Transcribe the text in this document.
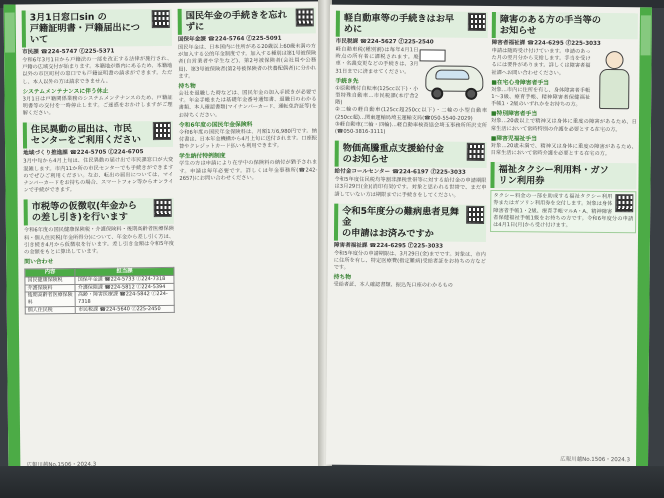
3月1日窓口sin の
戸籍証明書・戸籍届出について
市民課 ☎224-5747 ⓕ225-5371
令和6年3月1日から戸籍法の一部を改正する法律が施行され、戸籍の広域交付が始まります。本籍地が県内にあるため、本籍地以外の市区町村の窓口でも戸籍証明書の請求ができます。ただし、本人以外の方は請求できません。
システムメンテナンスに伴う休止
3月1日は戸籍関係業務のシステムメンテナンスのため、戸籍証明書等の交付を一時停止します。ご迷惑をおかけしますがご理解ください。
住民異動の届出は、市民
センターをご利用ください
地域づくり推進課 ☎224-5705 ⓕ224-6705
3月中旬から4月上旬は、住民異動の届け出で市民課窓口が大変混雑します。市内11か所の市民センターでも手続きができますのでぜひご利用ください。なお、転出の届出については、マイナンバーカードをお持ちの場合、スマートフォン等からオンラインで手続ができます。
市税等の仮徴収(年金から
の差し引き)を行います
令和6年度の国民健康保険税・介護保険料・後期高齢者医療保険料・個人住民税(年金所得分)について、年金から差し引く方は、引き続き4月から仮徴収を行います。差し引き金額は令和5年度の金額をもとに算出しています。
問い合わせ
内容	担当課
国民健康保険税	国保年金課 ☎224-5733 ⓕ224-7318
介護保険料	介護保険課 ☎224-5812 ⓕ224-5394
後期高齢者医療保険料	高齢・障害医療課 ☎224-5842 ⓕ224-7318
個人住民税	市民税課 ☎224-5640 ⓕ225-2450
国民年金の手続きを忘れずに
国保年金課 ☎224-5764 ⓕ225-5091
国民年金は、日本国内に住所がある20歳以上60歳未満の方が加入する公的年金制度です。加入する種別は第1号被保険者(自営業者や学生など)、第2号被保険者(会社員や公務員)、第3号被保険者(第2号被保険者の扶養配偶者)に分かれます。
持ち物
会社を退職した時などは、国民年金の加入手続きが必要です。年金手帳または基礎年金番号通知書、退職日のわかる書類、本人確認書類(マイナンバーカード、運転免許証等)をお持ちください。
令和6年度の国民年金保険料
令和6年度の国民年金保険料は、月額1万6,980円です。納付書は、日本年金機構から4月上旬に送付されます。口座振替やクレジットカード払いも利用できます。
学生納付特例制度
学生の方は申請により在学中の保険料の納付が猶予されます。申請は毎年必要です。詳しくは年金事務所(☎242-2657)にお問い合わせください。
軽自動車等の手続きはお早めに
市民税課 ☎224-5627 ⓕ225-2540
軽自動車税(種別割)は毎年4月1日時点の所有者に課税されます。廃車・名義変更などの手続きは、3月31日までに済ませてください。
手続き先
①原動機付自転車(125cc以下)・小型特殊自動車…市民税課(本庁舎2階)
②二輪の軽自動車(125cc超250cc以下)・二輪の小型自動車(250cc超)…関東運輸局埼玉運輸支局(☎050-5540-2029)
③軽自動車(三輪・四輪)…軽自動車検査協会埼玉事務所所沢支所(☎050-3816-3111)
物価高騰重点支援給付金
のお知らせ
給付金コールセンター ☎224-6197 ⓕ225-3033
令和5年度住民税均等割非課税世帯等に対する給付金の申請期限は3月29日(金)(消印有効)です。対象と思われる世帯で、まだ申請していない方は期限までに手続きをしてください。
令和5年度分の難病患者見舞金
の申請はお済みですか
障害者福祉課 ☎224-6295 ⓕ225-3033
令和5年度分の申請期限は、3月29日(金)までです。対象は、市内に住所を有し、特定医療費(指定難病)受給者証をお持ちの方などです。
持ち物
受給者証、本人確認書類、振込先口座のわかるもの
障害のある方の手当等の
お知らせ
障害者福祉課 ☎224-6295 ⓕ225-3033
申請は随時受け付けています。申請のあった月の翌月分から支給します。手当を受けるには要件があります。詳しくは障害者福祉課へお問い合わせください。
■在宅心身障害者手当
対象…市内に住所を有し、身体障害者手帳1～3級、療育手帳、精神障害者保健福祉手帳1・2級のいずれかをお持ちの方。
■特別障害者手当
対象…20歳以上で精神又は身体に重度の障害があるため、日常生活において常時特別の介護を必要とする在宅の方。
■障害児福祉手当
対象…20歳未満で、精神又は身体に重度の障害があるため、日常生活において常時介護を必要とする在宅の方。
福祉タクシー利用料・ガソリン利用券
タクシー料金の一部を助成する福祉タクシー利用券またはガソリン利用券を交付します。対象は身体障害者手帳1・2級、療育手帳マルA・A、精神障害者保健福祉手帳1級をお持ちの方です。令和6年度分の申請は4月1日(月)から受け付けます。
広報川越No.1506・2024.3
